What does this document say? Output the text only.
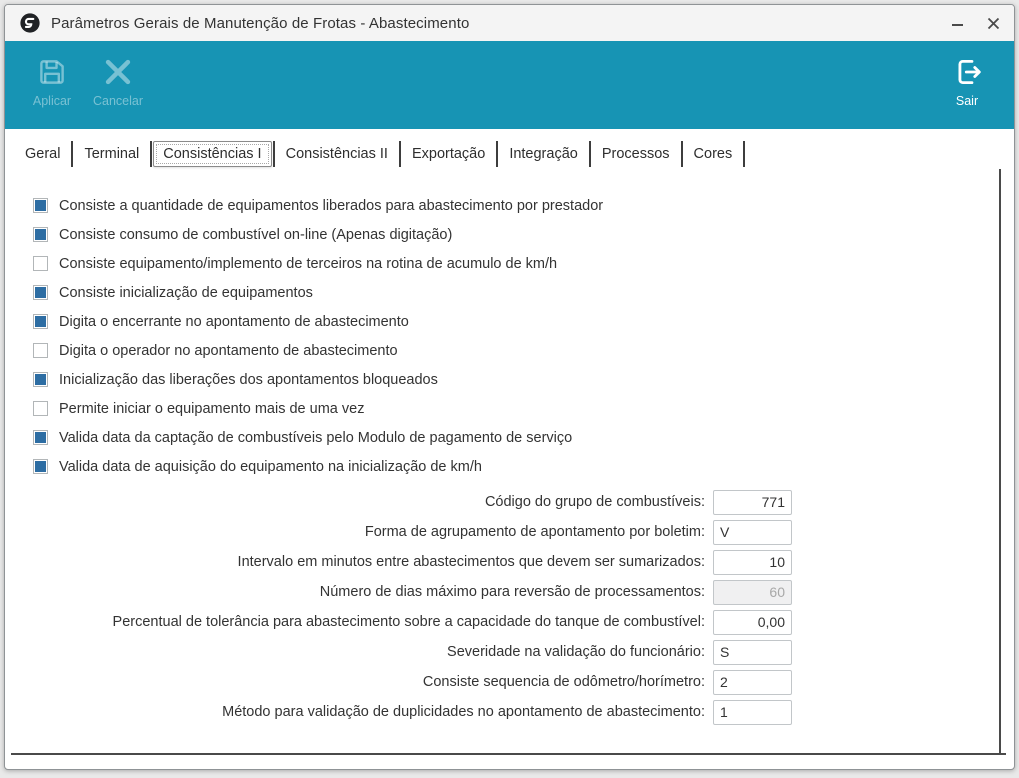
Parâmetros Gerais de Manutenção de Frotas - Abastecimento
Aplicar Cancelar	Sair
Geral	Terminal	Consistências I	Consistências II	Exportação	Integração	Processos	Cores
Consiste a quantidade de equipamentos liberados para abastecimento por prestador
Consiste consumo de combustível on-line (Apenas digitação)
Consiste equipamento/implemento de terceiros na rotina de acumulo de km/h
Consiste inicialização de equipamentos
Digita o encerrante no apontamento de abastecimento
Digita o operador no apontamento de abastecimento
Inicialização das liberações dos apontamentos bloqueados
Permite iniciar o equipamento mais de uma vez
Valida data da captação de combustíveis pelo Modulo de pagamento de serviço
Valida data de aquisição do equipamento na inicialização de km/h
Código do grupo de combustíveis:
771
Forma de agrupamento de apontamento por boletim:
V
Intervalo em minutos entre abastecimentos que devem ser sumarizados:
10
Número de dias máximo para reversão de processamentos:
60
Percentual de tolerância para abastecimento sobre a capacidade do tanque de combustível:
0,00
Severidade na validação do funcionário:
S
Consiste sequencia de odômetro/horímetro:
2
Método para validação de duplicidades no apontamento de abastecimento:
1
